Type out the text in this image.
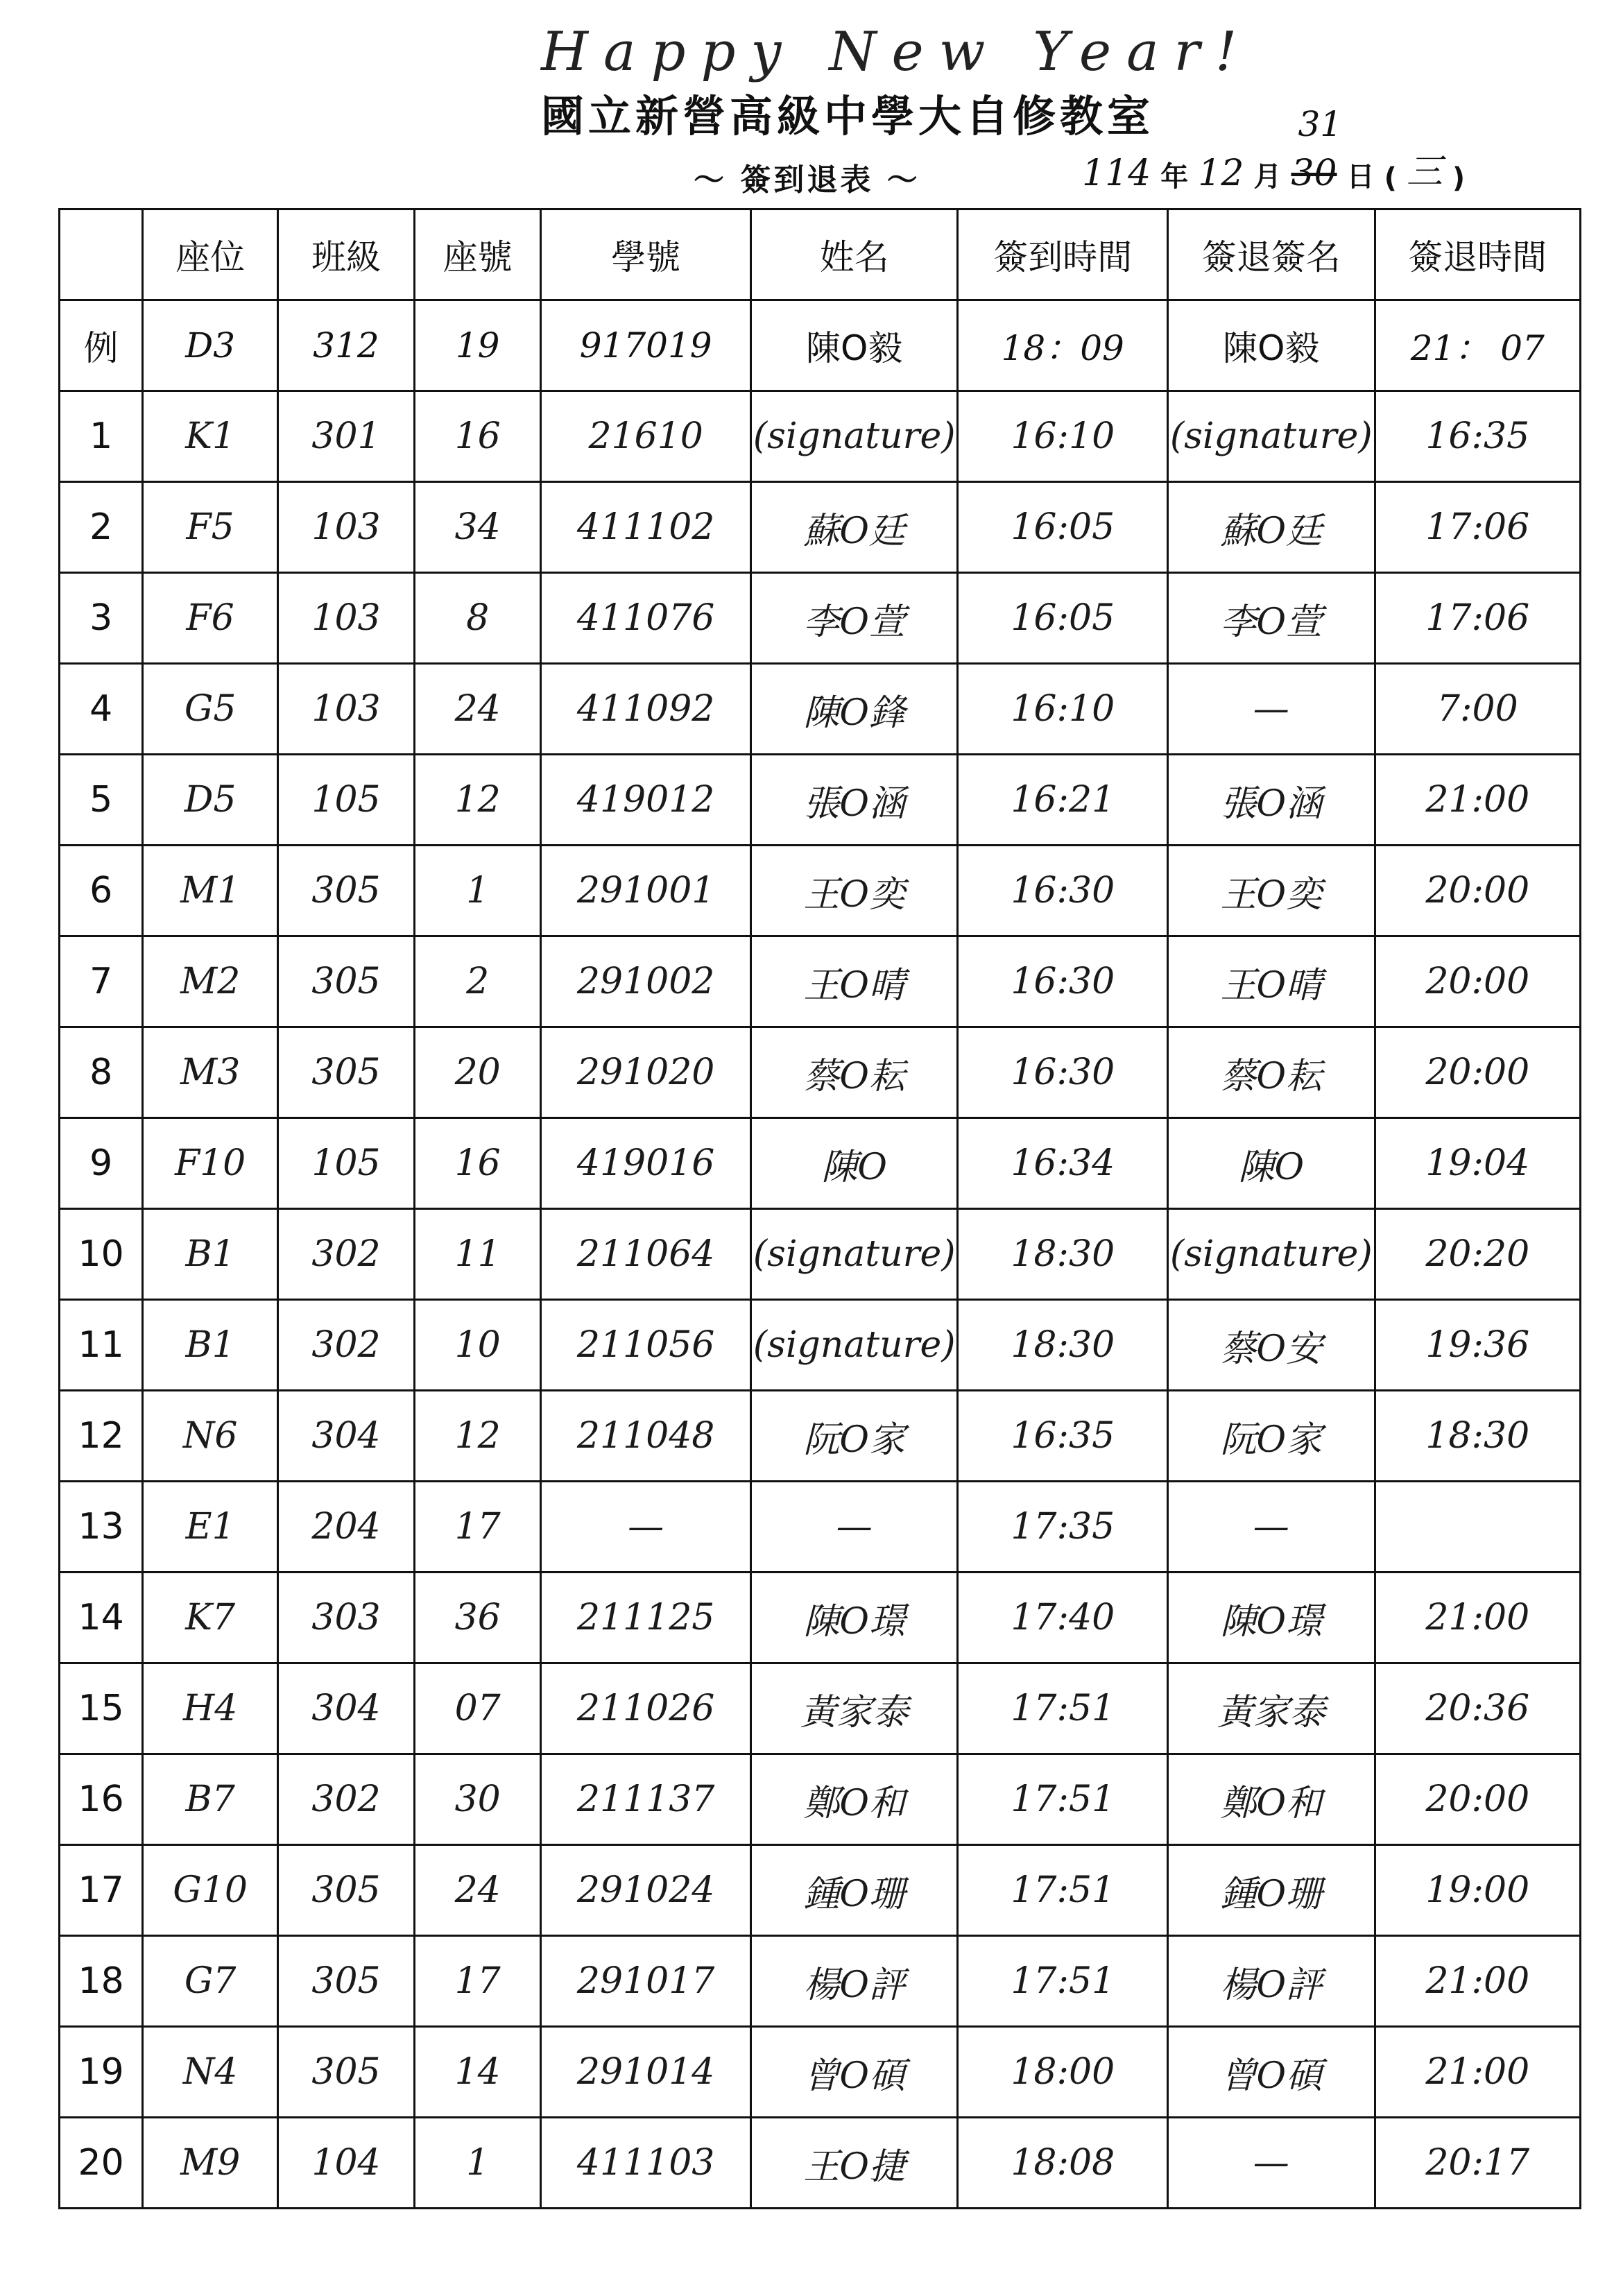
Happy New Year!
國立新營高級中學大自修教室
～ 簽到退表 ～	114 年 12 月
31
30 日 ( 三 )
	座位	班級	座號	學號	姓名	簽到時間	簽退簽名	簽退時間
例	D3	312	19	917019	陳O毅	18：09	陳O毅	21： 07
1	K1	301	16	21610	(signature)	16:10	(signature)	16:35
2	F5	103	34	411102	蘇O廷	16:05	蘇O廷	17:06
3	F6	103	8	411076	李O萱	16:05	李O萱	17:06
4	G5	103	24	411092	陳O鋒	16:10	—	7:00
5	D5	105	12	419012	張O涵	16:21	張O涵	21:00
6	M1	305	1	291001	王O奕	16:30	王O奕	20:00
7	M2	305	2	291002	王O晴	16:30	王O晴	20:00
8	M3	305	20	291020	蔡O耘	16:30	蔡O耘	20:00
9	F10	105	16	419016	陳O	16:34	陳O	19:04
10	B1	302	11	211064	(signature)	18:30	(signature)	20:20
11	B1	302	10	211056	(signature)	18:30	蔡O安	19:36
12	N6	304	12	211048	阮O家	16:35	阮O家	18:30
13	E1	204	17	—	—	17:35	—	
14	K7	303	36	211125	陳O璟	17:40	陳O璟	21:00
15	H4	304	07	211026	黃家泰	17:51	黃家泰	20:36
16	B7	302	30	211137	鄭O和	17:51	鄭O和	20:00
17	G10	305	24	291024	鍾O珊	17:51	鍾O珊	19:00
18	G7	305	17	291017	楊O評	17:51	楊O評	21:00
19	N4	305	14	291014	曾O碩	18:00	曾O碩	21:00
20	M9	104	1	411103	王O捷	18:08	—	20:17
